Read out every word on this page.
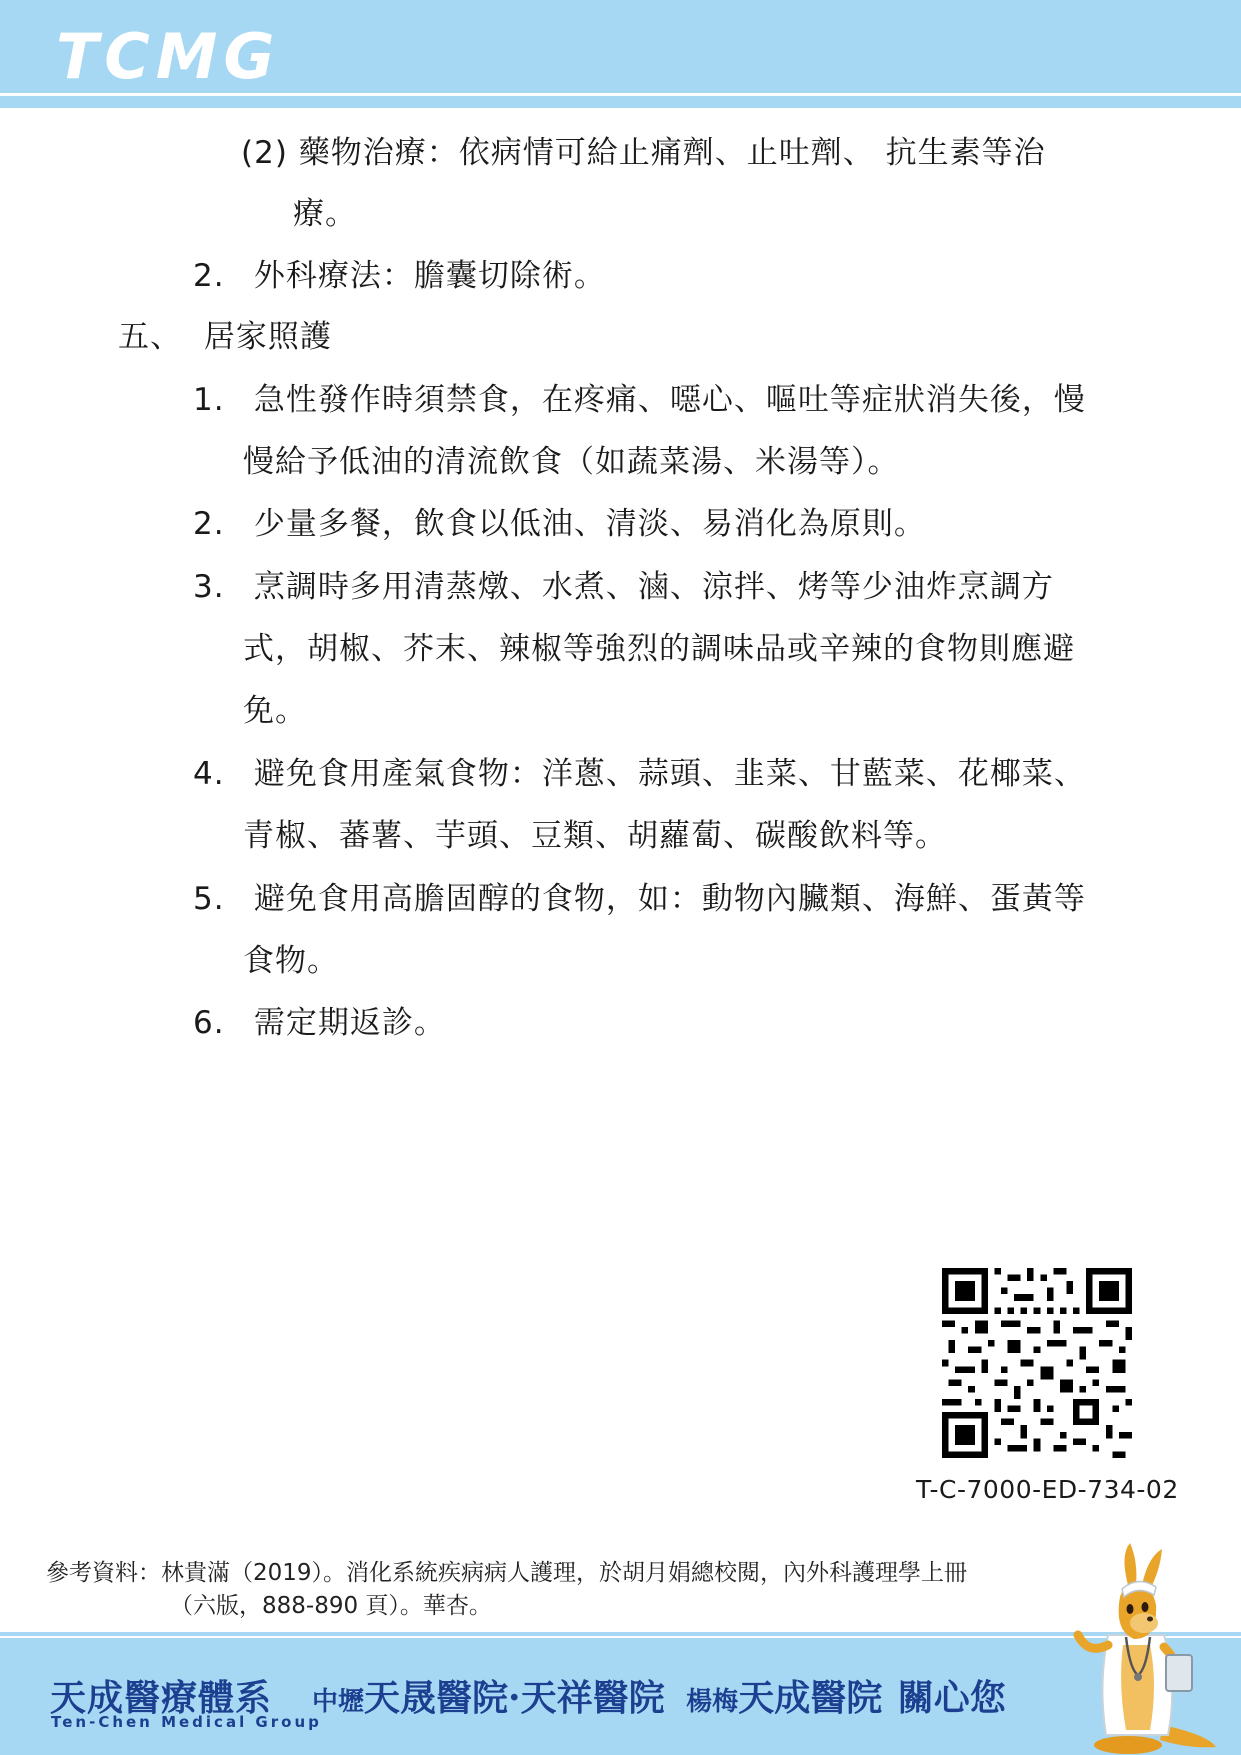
TCMG
(2) 藥物治療：依病情可給止痛劑、止吐劑、 抗生素等治
療。
2. 外科療法：膽囊切除術。
五、 居家照護
1. 急性發作時須禁食，在疼痛、噁心、嘔吐等症狀消失後，慢
慢給予低油的清流飲食（如蔬菜湯、米湯等）。
2. 少量多餐，飲食以低油、清淡、易消化為原則。
3. 烹調時多用清蒸燉、水煮、滷、涼拌、烤等少油炸烹調方
式，胡椒、芥末、辣椒等強烈的調味品或辛辣的食物則應避
免。
4. 避免食用產氣食物：洋蔥、蒜頭、韭菜、甘藍菜、花椰菜、
青椒、蕃薯、芋頭、豆類、胡蘿蔔、碳酸飲料等。
5. 避免食用高膽固醇的食物，如：動物內臟類、海鮮、蛋黃等
食物。
6. 需定期返診。
T-C-7000-ED-734-02
參考資料：林貴滿（2019）。消化系統疾病病人護理，於胡月娟總校閱，內外科護理學上冊
（六版，888-890 頁）。華杏。
天成醫療體系
Ten-Chen Medical Group
中壢天晟醫院·天祥醫院 楊梅天成醫院 關心您
